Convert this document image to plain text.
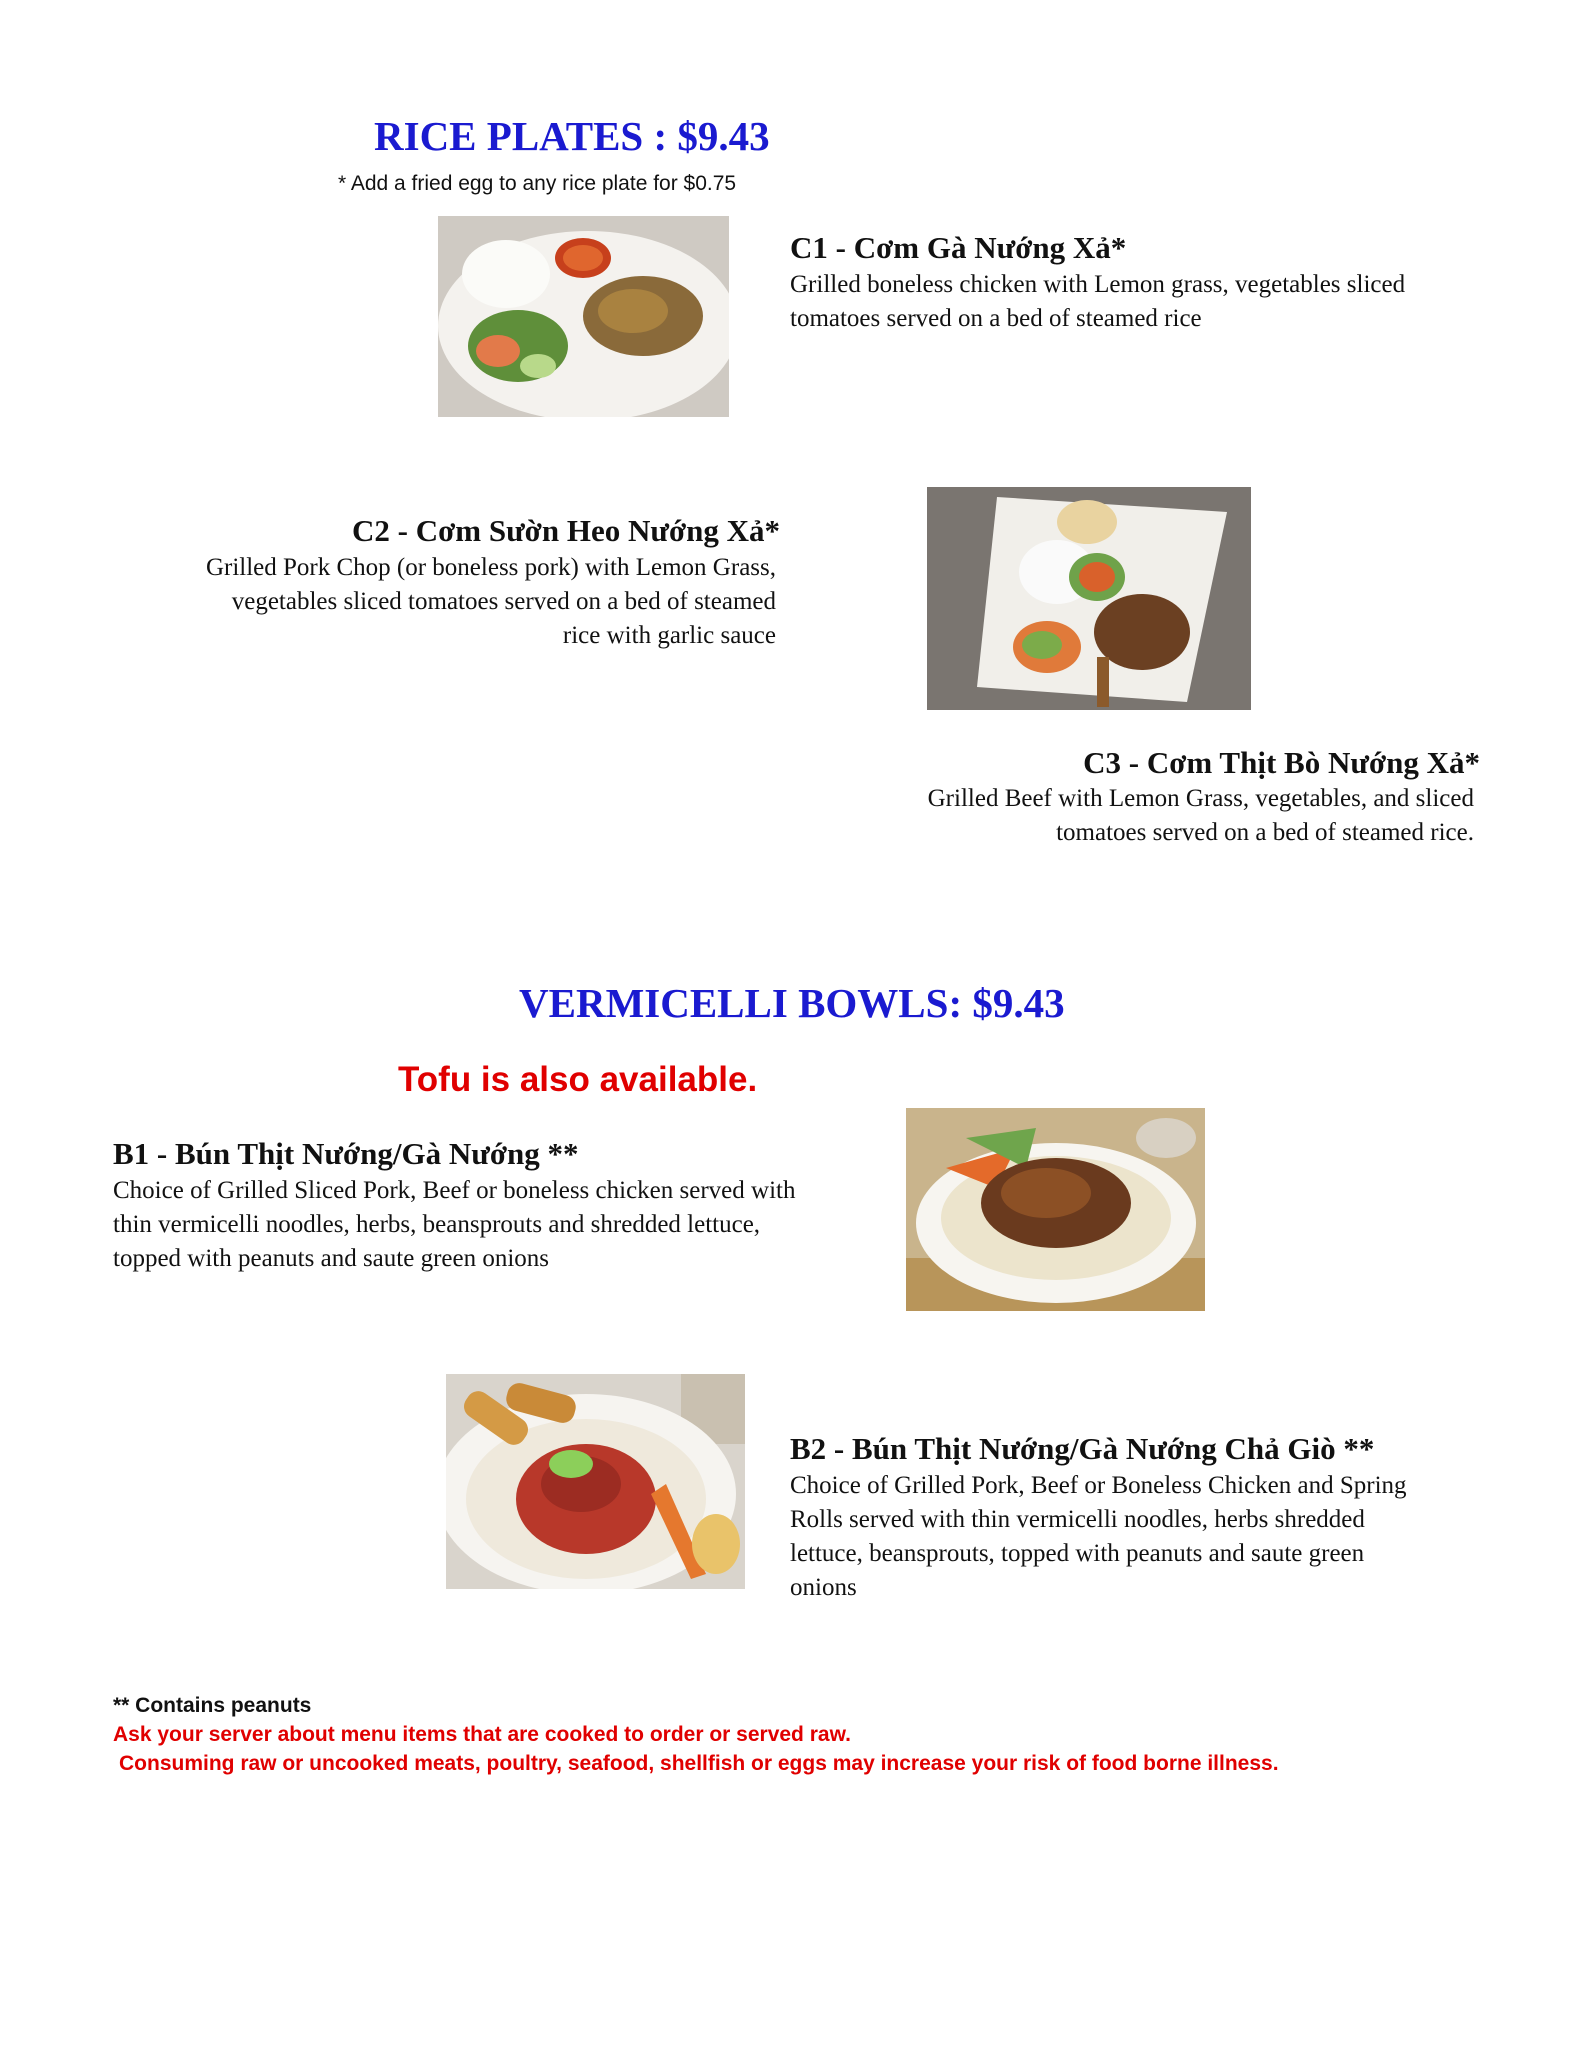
RICE PLATES : $9.43
* Add a fried egg to any rice plate for $0.75
C1 - Cơm Gà Nướng Xả*

Grilled boneless chicken with Lemon grass, vegetables sliced tomatoes served on a bed of steamed rice

C2 - Cơm Sườn Heo Nướng Xả*

Grilled Pork Chop (or boneless pork) with Lemon Grass, vegetables sliced tomatoes served on a bed of steamed rice with garlic sauce

C3 - Cơm Thịt Bò Nướng Xả*

Grilled Beef with Lemon Grass, vegetables, and sliced tomatoes served on a bed of steamed rice.

VERMICELLI BOWLS: $9.43
Tofu is also available.
B1 - Bún Thịt Nướng/Gà Nướng **

Choice of Grilled Sliced Pork, Beef or boneless chicken served with thin vermicelli noodles, herbs, beansprouts and shredded lettuce, topped with peanuts and saute green onions

B2 - Bún Thịt Nướng/Gà Nướng Chả Giò **

Choice of Grilled Pork, Beef or Boneless Chicken and Spring Rolls served with thin vermicelli noodles, herbs shredded lettuce, beansprouts, topped with peanuts and saute green onions

** Contains peanuts
Ask your server about menu items that are cooked to order or served raw.
Consuming raw or uncooked meats, poultry, seafood, shellfish or eggs may increase your risk of food borne illness.
